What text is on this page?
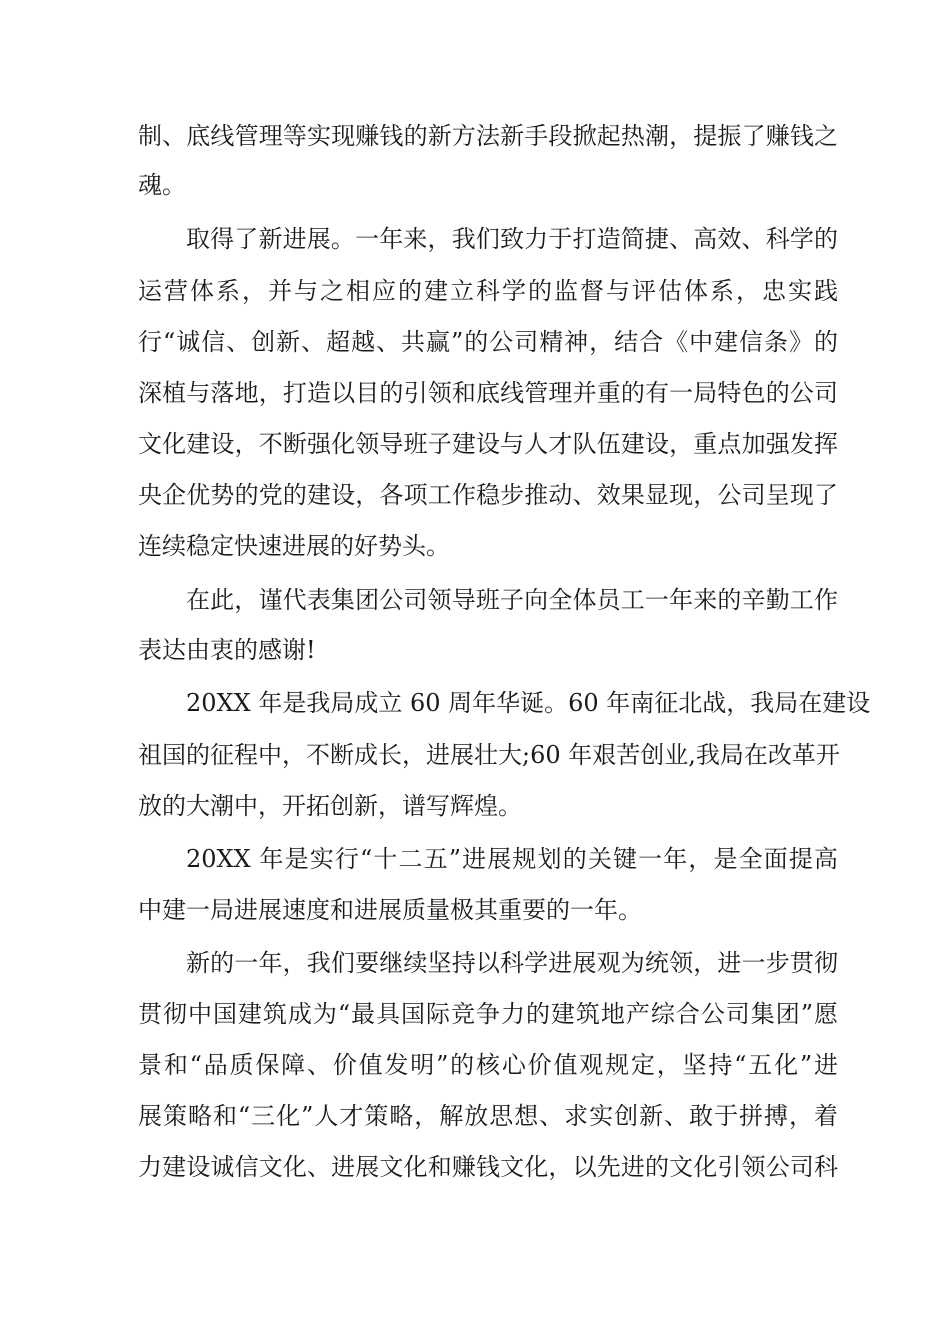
制、底线管理等实现赚钱的新方法新手段掀起热潮，提振了赚钱之
魂。
取得了新进展。一年来，我们致力于打造简捷、高效、科学的
运营体系，并与之相应的建立科学的监督与评估体系，忠实践
行“诚信、创新、超越、共赢”的公司精神，结合《中建信条》的
深植与落地，打造以目的引领和底线管理并重的有一局特色的公司
文化建设，不断强化领导班子建设与人才队伍建设，重点加强发挥
央企优势的党的建设，各项工作稳步推动、效果显现，公司呈现了
连续稳定快速进展的好势头。
在此，谨代表集团公司领导班子向全体员工一年来的辛勤工作
表达由衷的感谢!
20XX 年是我局成立 60 周年华诞。60 年南征北战，我局在建设
祖国的征程中，不断成长，进展壮大;60 年艰苦创业,我局在改革开
放的大潮中，开拓创新，谱写辉煌。
20XX 年是实行“十二五”进展规划的关键一年，是全面提高
中建一局进展速度和进展质量极其重要的一年。
新的一年，我们要继续坚持以科学进展观为统领，进一步贯彻
贯彻中国建筑成为“最具国际竞争力的建筑地产综合公司集团”愿
景和“品质保障、价值发明”的核心价值观规定，坚持“五化”进
展策略和“三化”人才策略，解放思想、求实创新、敢于拼搏，着
力建设诚信文化、进展文化和赚钱文化，以先进的文化引领公司科
